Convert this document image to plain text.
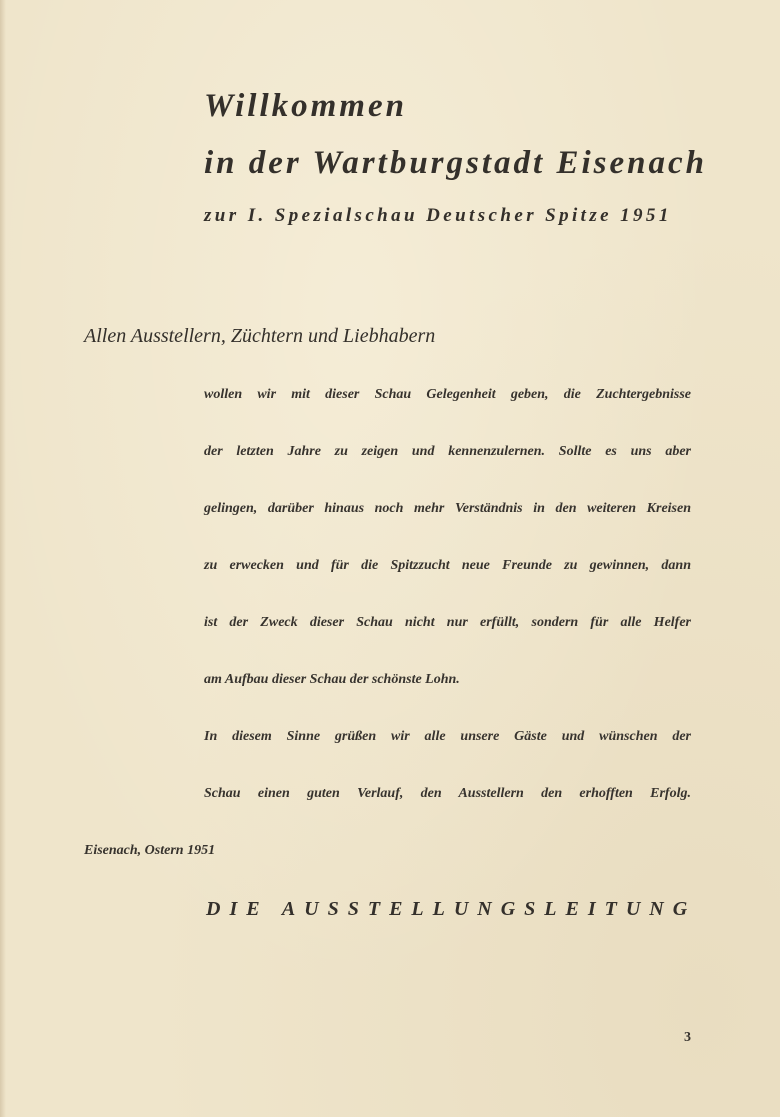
Willkommen
in der Wartburgstadt Eisenach
zur I. Spezialschau Deutscher Spitze 1951
Allen Ausstellern, Züchtern und Liebhabern
wollen wir mit dieser Schau Gelegenheit geben, die Zuchtergebnisse
der letzten Jahre zu zeigen und kennenzulernen. Sollte es uns aber
gelingen, darüber hinaus noch mehr Verständnis in den weiteren Kreisen
zu erwecken und für die Spitzzucht neue Freunde zu gewinnen, dann
ist der Zweck dieser Schau nicht nur erfüllt, sondern für alle Helfer
am Aufbau dieser Schau der schönste Lohn.
In diesem Sinne grüßen wir alle unsere Gäste und wünschen der
Schau einen guten Verlauf, den Ausstellern den erhofften Erfolg.
Eisenach, Ostern 1951
DIE AUSSTELLUNGSLEITUNG
3
